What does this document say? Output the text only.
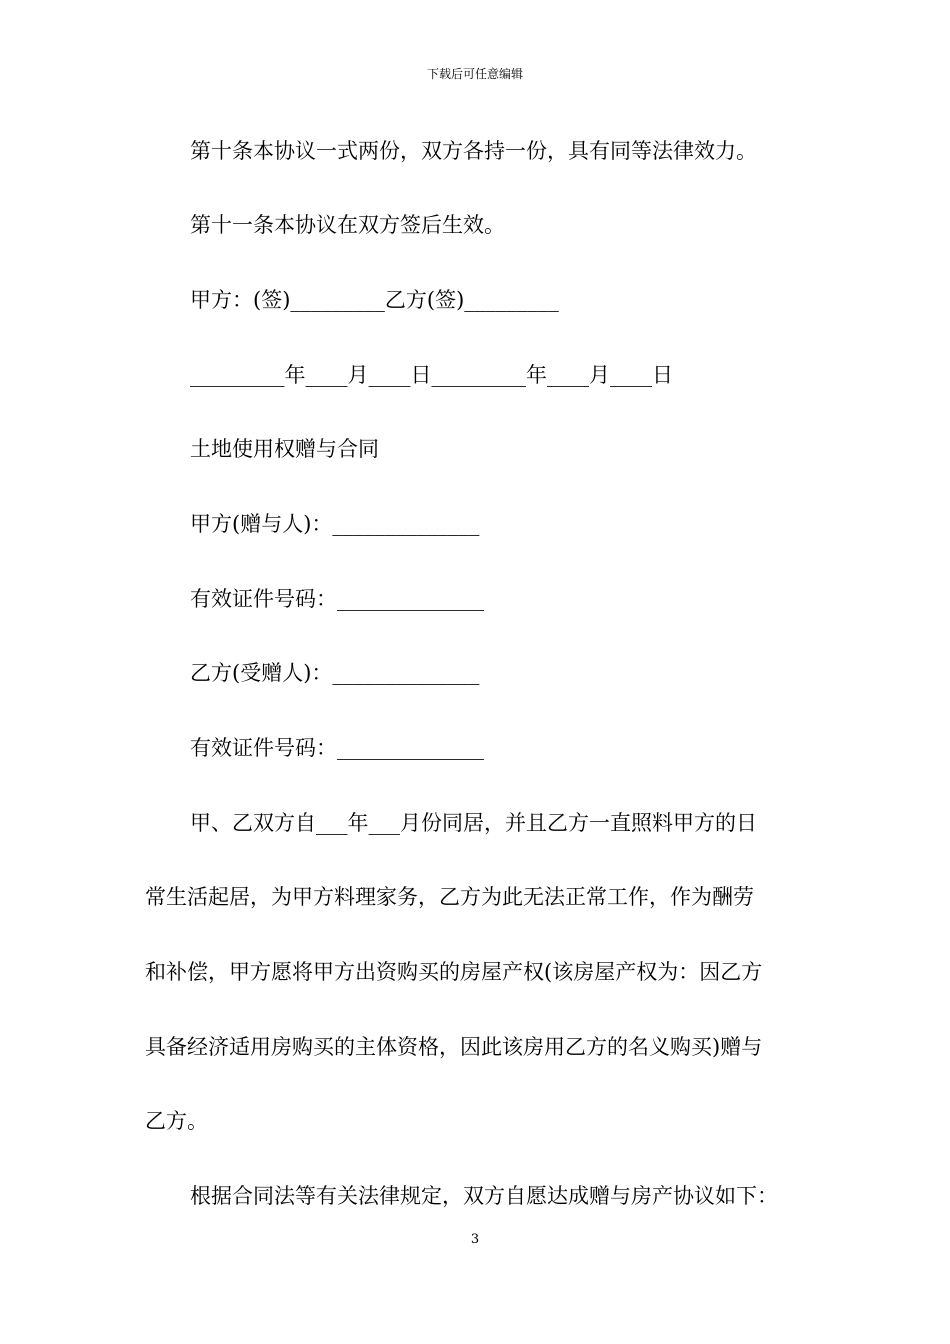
下载后可任意编辑
第十条本协议一式两份，双方各持一份，具有同等法律效力。
第十一条本协议在双方签后生效。
甲方：(签)_________乙方(签)_________
_________年____月____日_________年____月____日
土地使用权赠与合同
甲方(赠与人)：______________
有效证件号码：______________
乙方(受赠人)：______________
有效证件号码：______________
甲、乙双方自___年___月份同居，并且乙方一直照料甲方的日
常生活起居，为甲方料理家务，乙方为此无法正常工作，作为酬劳
和补偿，甲方愿将甲方出资购买的房屋产权(该房屋产权为：因乙方
具备经济适用房购买的主体资格，因此该房用乙方的名义购买)赠与
乙方。
根据合同法等有关法律规定，双方自愿达成赠与房产协议如下：
3
